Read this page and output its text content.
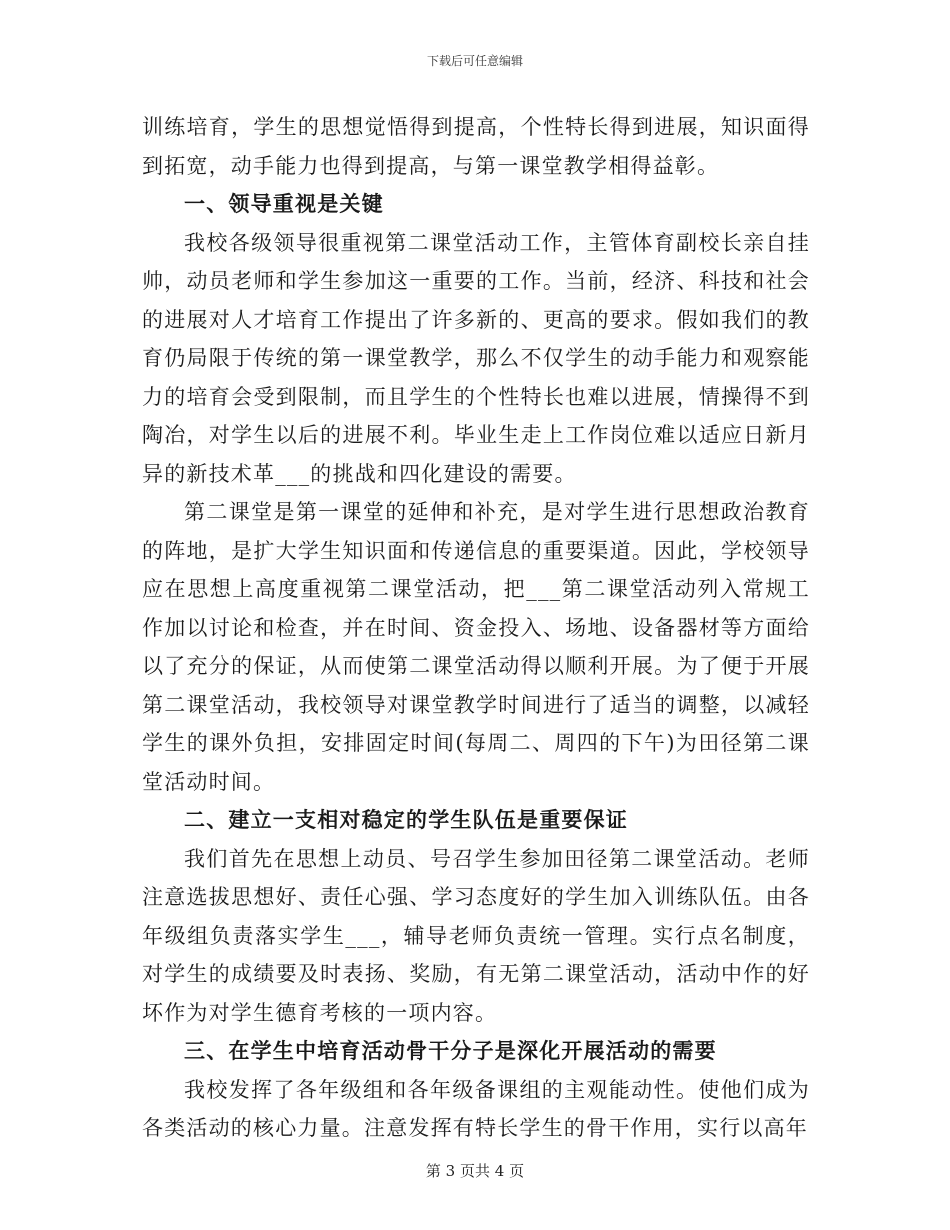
下载后可任意编辑

训练培育，学生的思想觉悟得到提高，个性特长得到进展，知识面得到拓宽，动手能力也得到提高，与第一课堂教学相得益彰。

一、领导重视是关键

我校各级领导很重视第二课堂活动工作，主管体育副校长亲自挂帅，动员老师和学生参加这一重要的工作。当前，经济、科技和社会的进展对人才培育工作提出了许多新的、更高的要求。假如我们的教育仍局限于传统的第一课堂教学，那么不仅学生的动手能力和观察能力的培育会受到限制，而且学生的个性特长也难以进展，情操得不到陶冶，对学生以后的进展不利。毕业生走上工作岗位难以适应日新月异的新技术革___的挑战和四化建设的需要。

第二课堂是第一课堂的延伸和补充，是对学生进行思想政治教育的阵地，是扩大学生知识面和传递信息的重要渠道。因此，学校领导应在思想上高度重视第二课堂活动，把___第二课堂活动列入常规工作加以讨论和检查，并在时间、资金投入、场地、设备器材等方面给以了充分的保证，从而使第二课堂活动得以顺利开展。为了便于开展第二课堂活动，我校领导对课堂教学时间进行了适当的调整，以减轻学生的课外负担，安排固定时间(每周二、周四的下午)为田径第二课堂活动时间。

二、建立一支相对稳定的学生队伍是重要保证

我们首先在思想上动员、号召学生参加田径第二课堂活动。老师注意选拔思想好、责任心强、学习态度好的学生加入训练队伍。由各年级组负责落实学生___，辅导老师负责统一管理。实行点名制度，对学生的成绩要及时表扬、奖励，有无第二课堂活动，活动中作的好坏作为对学生德育考核的一项内容。

三、在学生中培育活动骨干分子是深化开展活动的需要

我校发挥了各年级组和各年级备课组的主观能动性。使他们成为各类活动的核心力量。注意发挥有特长学生的骨干作用，实行以高年

第 3 页共 4 页
